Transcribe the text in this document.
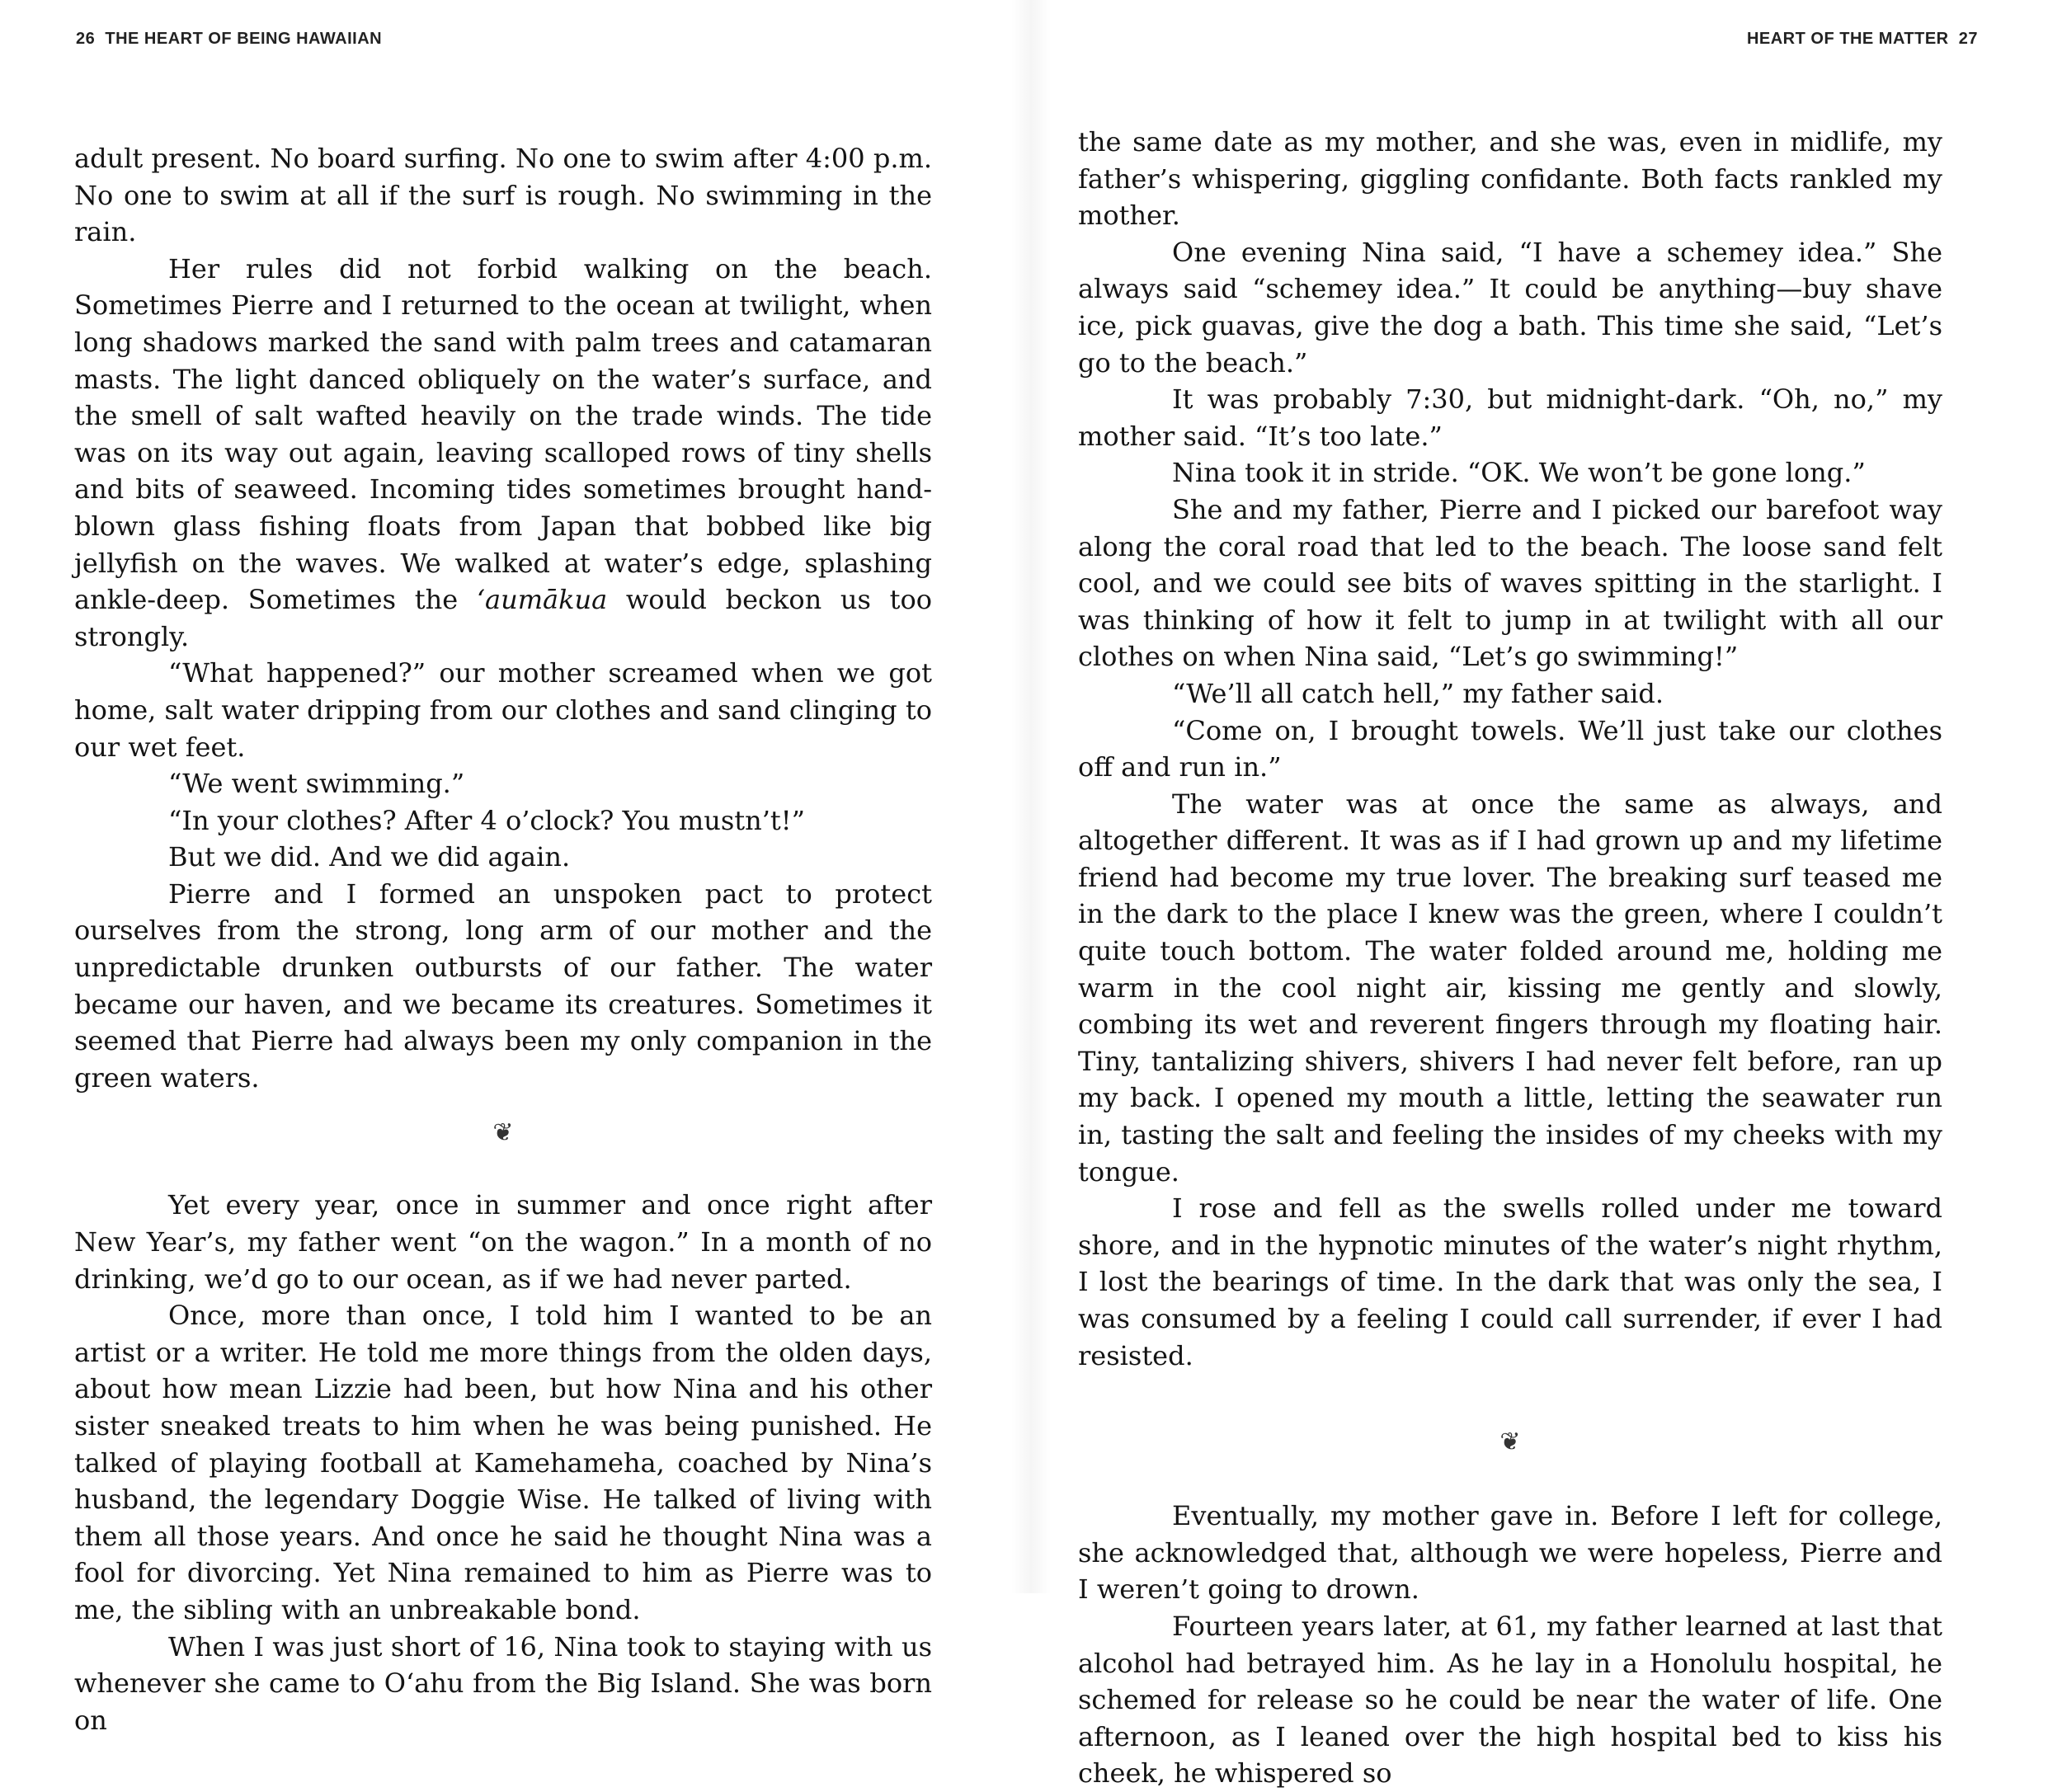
26 THE HEART OF BEING HAWAIIAN

adult present. No board surfing. No one to swim after 4:00 p.m. No one to swim at all if the surf is rough. No swimming in the rain.

Her rules did not forbid walking on the beach. Sometimes Pierre and I returned to the ocean at twilight, when long shadows marked the sand with palm trees and catamaran masts. The light danced obliquely on the water’s surface, and the smell of salt wafted heavily on the trade winds. The tide was on its way out again, leaving scalloped rows of tiny shells and bits of seaweed. Incoming tides sometimes brought hand-blown glass fishing floats from Japan that bobbed like big jellyfish on the waves. We walked at water’s edge, splashing ankle-deep. Sometimes the ‘aumākua would beckon us too strongly.

“What happened?” our mother screamed when we got home, salt water dripping from our clothes and sand clinging to our wet feet.

“We went swimming.”

“In your clothes? After 4 o’clock? You mustn’t!”

But we did. And we did again.

Pierre and I formed an unspoken pact to protect ourselves from the strong, long arm of our mother and the unpredictable drunken outbursts of our father. The water became our haven, and we became its creatures. Sometimes it seemed that Pierre had always been my only companion in the green waters.

❦

Yet every year, once in summer and once right after New Year’s, my father went “on the wagon.” In a month of no drinking, we’d go to our ocean, as if we had never parted.

Once, more than once, I told him I wanted to be an artist or a writer. He told me more things from the olden days, about how mean Lizzie had been, but how Nina and his other sister sneaked treats to him when he was being punished. He talked of playing football at Kamehameha, coached by Nina’s husband, the legendary Doggie Wise. He talked of living with them all those years. And once he said he thought Nina was a fool for divorcing. Yet Nina remained to him as Pierre was to me, the sibling with an unbreakable bond.

When I was just short of 16, Nina took to staying with us whenever she came to O‘ahu from the Big Island. She was born on

HEART OF THE MATTER 27

the same date as my mother, and she was, even in midlife, my father’s whispering, giggling confidante. Both facts rankled my mother.

One evening Nina said, “I have a schemey idea.” She always said “schemey idea.” It could be anything—buy shave ice, pick guavas, give the dog a bath. This time she said, “Let’s go to the beach.”

It was probably 7:30, but midnight-dark. “Oh, no,” my mother said. “It’s too late.”

Nina took it in stride. “OK. We won’t be gone long.”

She and my father, Pierre and I picked our barefoot way along the coral road that led to the beach. The loose sand felt cool, and we could see bits of waves spitting in the starlight. I was thinking of how it felt to jump in at twilight with all our clothes on when Nina said, “Let’s go swimming!”

“We’ll all catch hell,” my father said.

“Come on, I brought towels. We’ll just take our clothes off and run in.”

The water was at once the same as always, and altogether different. It was as if I had grown up and my lifetime friend had become my true lover. The breaking surf teased me in the dark to the place I knew was the green, where I couldn’t quite touch bottom. The water folded around me, holding me warm in the cool night air, kissing me gently and slowly, combing its wet and reverent fingers through my floating hair. Tiny, tantalizing shivers, shivers I had never felt before, ran up my back. I opened my mouth a little, letting the seawater run in, tasting the salt and feeling the insides of my cheeks with my tongue.

I rose and fell as the swells rolled under me toward shore, and in the hypnotic minutes of the water’s night rhythm, I lost the bearings of time. In the dark that was only the sea, I was consumed by a feeling I could call surrender, if ever I had resisted.

❦

Eventually, my mother gave in. Before I left for college, she acknowledged that, although we were hopeless, Pierre and I weren’t going to drown.

Fourteen years later, at 61, my father learned at last that alcohol had betrayed him. As he lay in a Honolulu hospital, he schemed for release so he could be near the water of life. One afternoon, as I leaned over the high hospital bed to kiss his cheek, he whispered so
